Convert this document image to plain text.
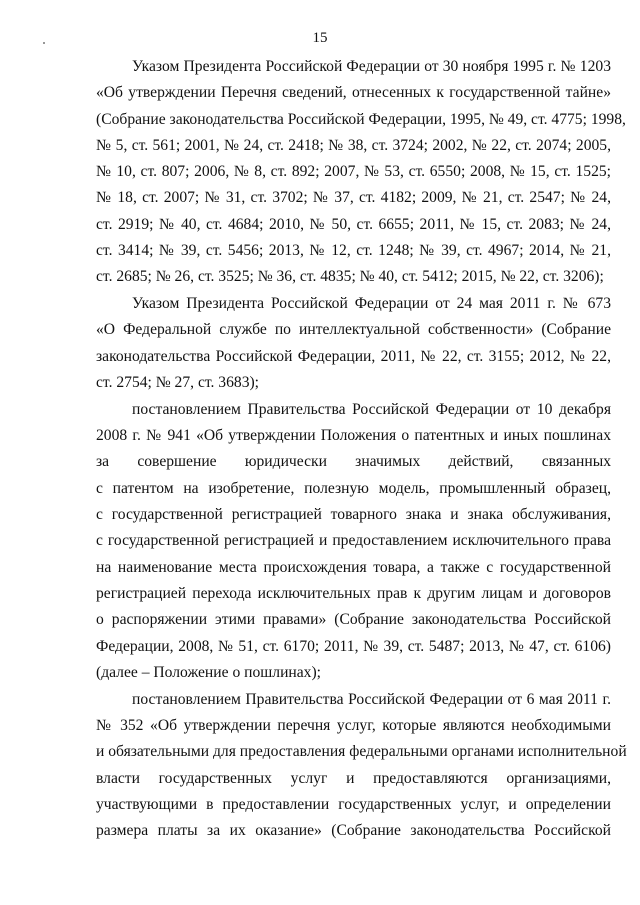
15
Указом Президента Российской Федерации от 30 ноября 1995 г. № 1203
«Об утверждении Перечня сведений, отнесенных к государственной тайне»
(Собрание законодательства Российской Федерации, 1995, № 49, ст. 4775; 1998,
№ 5, ст. 561; 2001, № 24, ст. 2418; № 38, ст. 3724; 2002, № 22, ст. 2074; 2005,
№ 10, ст. 807; 2006, № 8, ст. 892; 2007, № 53, ст. 6550; 2008, № 15, ст. 1525;
№ 18, ст. 2007; № 31, ст. 3702; № 37, ст. 4182; 2009, № 21, ст. 2547; № 24,
ст. 2919; № 40, ст. 4684; 2010, № 50, ст. 6655; 2011, № 15, ст. 2083; № 24,
ст. 3414; № 39, ст. 5456; 2013, № 12, ст. 1248; № 39, ст. 4967; 2014, № 21,
ст. 2685; № 26, ст. 3525; № 36, ст. 4835; № 40, ст. 5412; 2015, № 22, ст. 3206);
Указом Президента Российской Федерации от 24 мая 2011 г. № 673
«О Федеральной службе по интеллектуальной собственности» (Собрание
законодательства Российской Федерации, 2011, № 22, ст. 3155; 2012, № 22,
ст. 2754; № 27, ст. 3683);
постановлением Правительства Российской Федерации от 10 декабря
2008 г. № 941 «Об утверждении Положения о патентных и иных пошлинах
за совершение юридически значимых действий, связанных
с патентом на изобретение, полезную модель, промышленный образец,
с государственной регистрацией товарного знака и знака обслуживания,
с государственной регистрацией и предоставлением исключительного права
на наименование места происхождения товара, а также с государственной
регистрацией перехода исключительных прав к другим лицам и договоров
о распоряжении этими правами» (Собрание законодательства Российской
Федерации, 2008, № 51, ст. 6170; 2011, № 39, ст. 5487; 2013, № 47, ст. 6106)
(далее – Положение о пошлинах);
постановлением Правительства Российской Федерации от 6 мая 2011 г.
№ 352 «Об утверждении перечня услуг, которые являются необходимыми
и обязательными для предоставления федеральными органами исполнительной
власти государственных услуг и предоставляются организациями,
участвующими в предоставлении государственных услуг, и определении
размера платы за их оказание» (Собрание законодательства Российской
